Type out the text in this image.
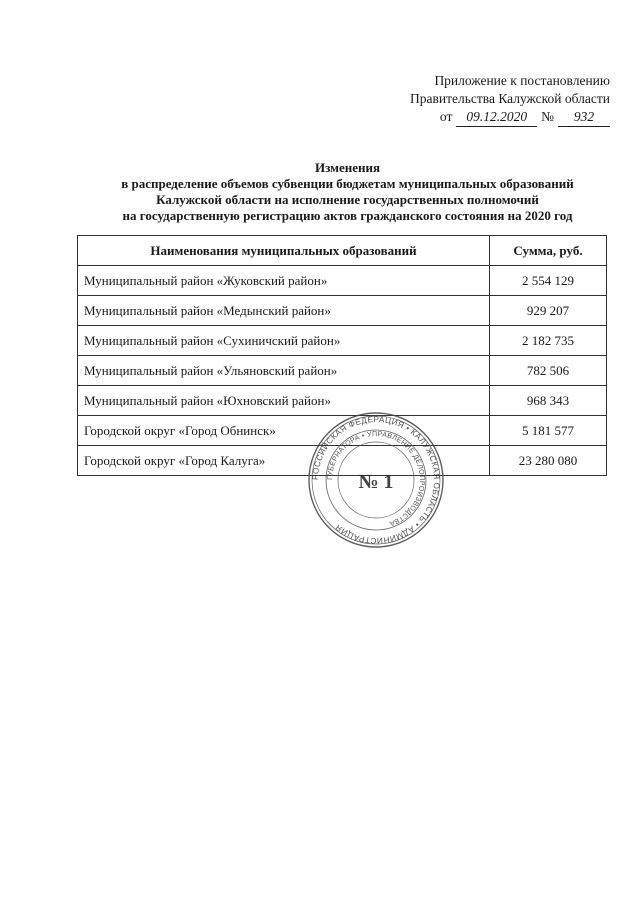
Приложение к постановлению
Правительства Калужской области
от	09.12.2020	№	932
Изменения
в распределение объемов субвенции бюджетам муниципальных образований
Калужской области на исполнение государственных полномочий
на государственную регистрацию актов гражданского состояния на 2020 год
Наименования муниципальных образований	Сумма, руб.
Муниципальный район «Жуковский район»	2 554 129
Муниципальный район «Медынский район»	929 207
Муниципальный район «Сухиничский район»	2 182 735
Муниципальный район «Ульяновский район»	782 506
Муниципальный район «Юхновский район»	968 343
Городской округ «Город Обнинск»	5 181 577
Городской округ «Город Калуга»	23 280 080
РОССИЙСКАЯ ФЕДЕРАЦИЯ • КАЛУЖСКАЯ ОБЛАСТЬ • АДМИНИСТРАЦИЯ
ГУБЕРНАТОРА • УПРАВЛЕНИЕ ДЕЛОПРОИЗВОДСТВА
№ 1
